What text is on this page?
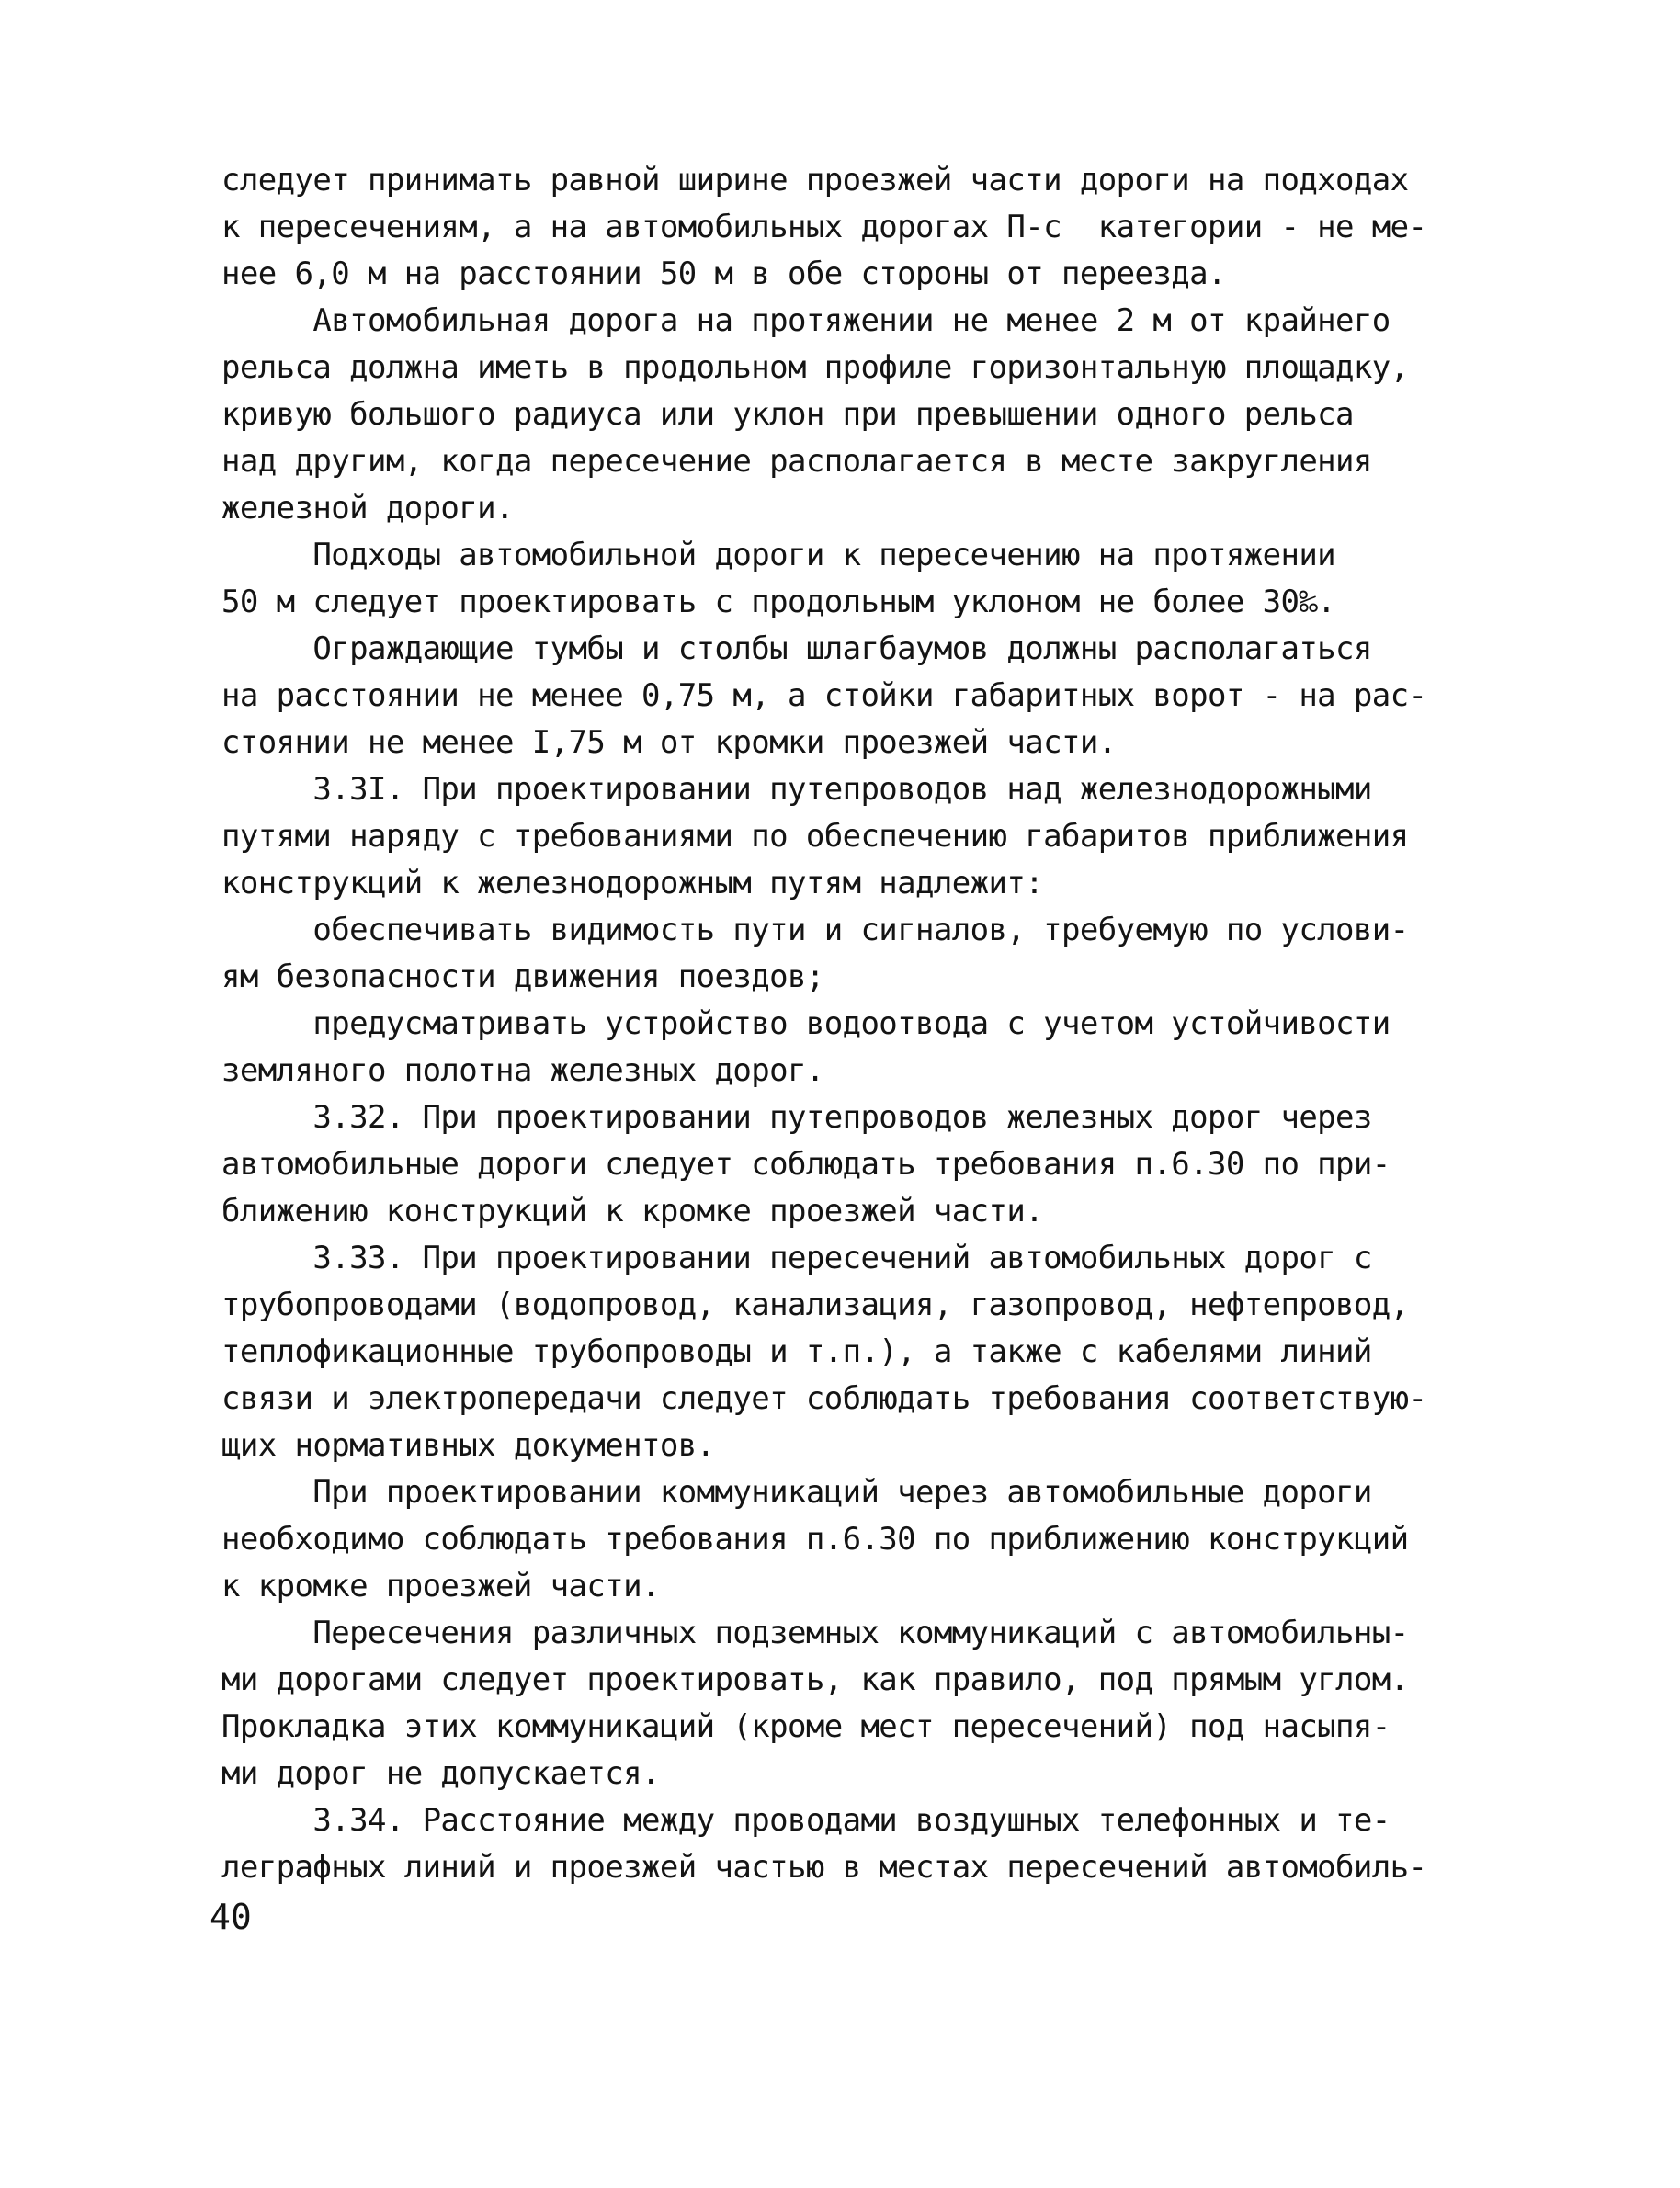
следует принимать равной ширине проезжей части дороги на подходах
к пересечениям, а на автомобильных дорогах П-с  категории - не ме-
нее 6,0 м на расстоянии 50 м в обе стороны от переезда.
Автомобильная дорога на протяжении не менее 2 м от крайнего
рельса должна иметь в продольном профиле горизонтальную площадку,
кривую большого радиуса или уклон при превышении одного рельса
над другим, когда пересечение располагается в месте закругления
железной дороги.
Подходы автомобильной дороги к пересечению на протяжении
50 м следует проектировать с продольным уклоном не более 30‰.
Ограждающие тумбы и столбы шлагбаумов должны располагаться
на расстоянии не менее 0,75 м, а стойки габаритных ворот - на рас-
стоянии не менее I,75 м от кромки проезжей части.
3.3I. При проектировании путепроводов над железнодорожными
путями наряду с требованиями по обеспечению габаритов приближения
конструкций к железнодорожным путям надлежит:
обеспечивать видимость пути и сигналов, требуемую по услови-
ям безопасности движения поездов;
предусматривать устройство водоотвода с учетом устойчивости
земляного полотна железных дорог.
3.32. При проектировании путепроводов железных дорог через
автомобильные дороги следует соблюдать требования п.6.30 по при-
ближению конструкций к кромке проезжей части.
3.33. При проектировании пересечений автомобильных дорог с
трубопроводами (водопровод, канализация, газопровод, нефтепровод,
теплофикационные трубопроводы и т.п.), а также с кабелями линий
связи и электропередачи следует соблюдать требования соответствую-
щих нормативных документов.
При проектировании коммуникаций через автомобильные дороги
необходимо соблюдать требования п.6.30 по приближению конструкций
к кромке проезжей части.
Пересечения различных подземных коммуникаций с автомобильны-
ми дорогами следует проектировать, как правило, под прямым углом.
Прокладка этих коммуникаций (кроме мест пересечений) под насыпя-
ми дорог не допускается.
3.34. Расстояние между проводами воздушных телефонных и те-
леграфных линий и проезжей частью в местах пересечений автомобиль-
40
